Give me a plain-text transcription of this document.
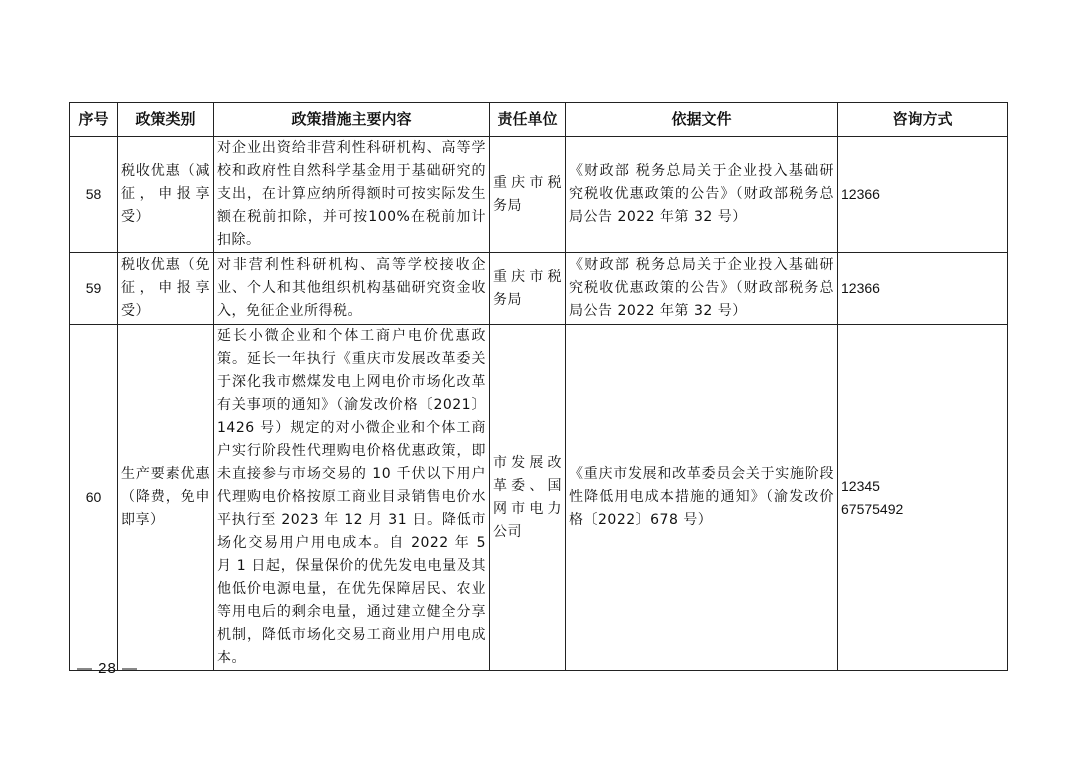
序号	政策类别	政策措施主要内容	责任单位	依据文件	咨询方式
58	税收优惠（减征，申报享受）	对企业出资给非营利性科研机构、高等学校和政府性自然科学基金用于基础研究的支出，在计算应纳所得额时可按实际发生额在税前扣除，并可按100%在税前加计扣除。	重庆市税务局	《财政部 税务总局关于企业投入基础研究税收优惠政策的公告》（财政部税务总局公告 2022 年第 32 号）	12366

59	税收优惠（免征，申报享受）	对非营利性科研机构、高等学校接收企业、个人和其他组织机构基础研究资金收入，免征企业所得税。	重庆市税务局	《财政部 税务总局关于企业投入基础研究税收优惠政策的公告》（财政部税务总局公告 2022 年第 32 号）	12366

60	生产要素优惠（降费，免申即享）	延长小微企业和个体工商户电价优惠政策。延长一年执行《重庆市发展改革委关于深化我市燃煤发电上网电价市场化改革有关事项的通知》（渝发改价格〔2021〕1426 号）规定的对小微企业和个体工商户实行阶段性代理购电价格优惠政策，即未直接参与市场交易的 10 千伏以下用户代理购电价格按原工商业目录销售电价水平执行至 2023 年 12 月 31 日。降低市场化交易用户用电成本。自 2022 年 5 月 1 日起，保量保价的优先发电电量及其他低价电源电量，在优先保障居民、农业等用电后的剩余电量，通过建立健全分享机制，降低市场化交易工商业用户用电成本。	市发展改革委、国网市电力公司	《重庆市发展和改革委员会关于实施阶段性降低用电成本措施的通知》（渝发改价格〔2022〕678 号）	12345
67575492
— 28 —
